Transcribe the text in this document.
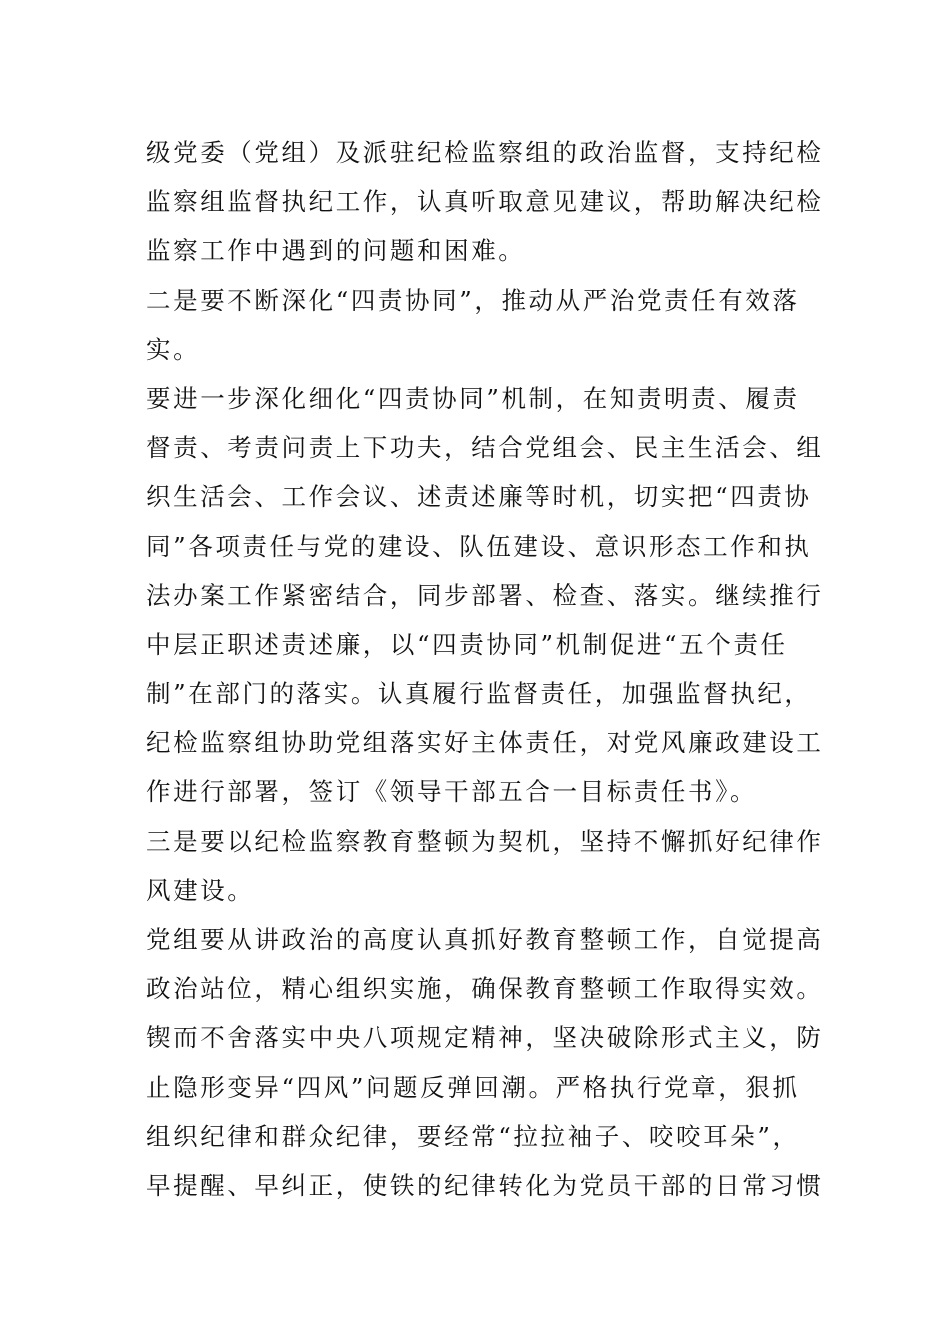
级党委（党组）及派驻纪检监察组的政治监督，支持纪检
监察组监督执纪工作，认真听取意见建议，帮助解决纪检
监察工作中遇到的问题和困难。
二是要不断深化“四责协同”，推动从严治党责任有效落
实。
要进一步深化细化“四责协同”机制，在知责明责、履责
督责、考责问责上下功夫，结合党组会、民主生活会、组
织生活会、工作会议、述责述廉等时机，切实把“四责协
同”各项责任与党的建设、队伍建设、意识形态工作和执
法办案工作紧密结合，同步部署、检查、落实。继续推行
中层正职述责述廉，以“四责协同”机制促进“五个责任
制”在部门的落实。认真履行监督责任，加强监督执纪，
纪检监察组协助党组落实好主体责任，对党风廉政建设工
作进行部署，签订《领导干部五合一目标责任书》。
三是要以纪检监察教育整顿为契机，坚持不懈抓好纪律作
风建设。
党组要从讲政治的高度认真抓好教育整顿工作，自觉提高
政治站位，精心组织实施，确保教育整顿工作取得实效。
锲而不舍落实中央八项规定精神，坚决破除形式主义，防
止隐形变异“四风”问题反弹回潮。严格执行党章，狠抓
组织纪律和群众纪律，要经常“拉拉袖子、咬咬耳朵”，
早提醒、早纠正，使铁的纪律转化为党员干部的日常习惯
